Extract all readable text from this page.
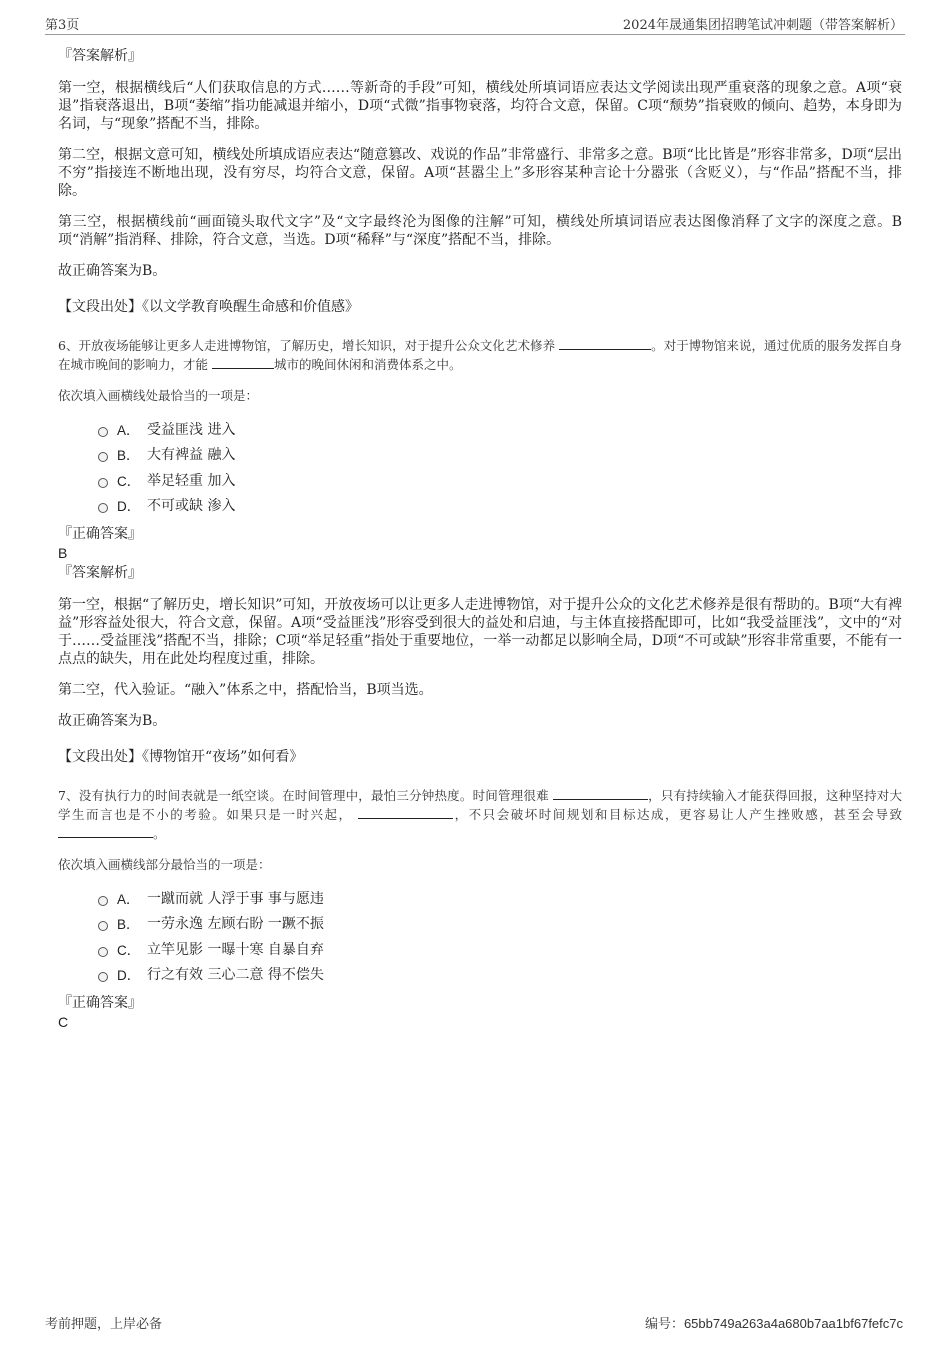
第3页	2024年晟通集团招聘笔试冲刺题（带答案解析）

『答案解析』

第一空，根据横线后“人们获取信息的方式……等新奇的手段”可知，横线处所填词语应表达文学阅读出现严重衰落的现象之意。A项“衰退”指衰落退出，B项“萎缩”指功能减退并缩小，D项“式微”指事物衰落，均符合文意，保留。C项“颓势”指衰败的倾向、趋势，本身即为名词，与“现象”搭配不当，排除。

第二空，根据文意可知，横线处所填成语应表达“随意篡改、戏说的作品”非常盛行、非常多之意。B项“比比皆是”形容非常多，D项“层出不穷”指接连不断地出现，没有穷尽，均符合文意，保留。A项“甚嚣尘上”多形容某种言论十分嚣张（含贬义），与“作品”搭配不当，排除。

第三空，根据横线前“画面镜头取代文字”及“文字最终沦为图像的注解”可知，横线处所填词语应表达图像消释了文字的深度之意。B项“消解”指消释、排除，符合文意，当选。D项“稀释”与“深度”搭配不当，排除。

故正确答案为B。

【文段出处】《以文学教育唤醒生命感和价值感》

6、开放夜场能够让更多人走进博物馆，了解历史，增长知识，对于提升公众文化艺术修养	。对于博物馆来说，通过优质的服务发挥自身在城市晚间的影响力，才能	城市的晚间休闲和消费体系之中。

依次填入画横线处最恰当的一项是：

A． 受益匪浅 进入
B． 大有裨益 融入
C． 举足轻重 加入
D． 不可或缺 渗入

『正确答案』

B

『答案解析』

第一空，根据“了解历史，增长知识”可知，开放夜场可以让更多人走进博物馆，对于提升公众的文化艺术修养是很有帮助的。B项“大有裨益”形容益处很大，符合文意，保留。A项“受益匪浅”形容受到很大的益处和启迪，与主体直接搭配即可，比如“我受益匪浅”，文中的“对于……受益匪浅”搭配不当，排除；C项“举足轻重”指处于重要地位，一举一动都足以影响全局，D项“不可或缺”形容非常重要，不能有一点点的缺失，用在此处均程度过重，排除。

第二空，代入验证。“融入”体系之中，搭配恰当，B项当选。

故正确答案为B。

【文段出处】《博物馆开“夜场”如何看》

7、没有执行力的时间表就是一纸空谈。在时间管理中，最怕三分钟热度。时间管理很难	，只有持续输入才能获得回报，这种坚持对大学生而言也是不小的考验。如果只是一时兴起，	，不只会破坏时间规划和目标达成，更容易让人产生挫败感，甚至会导致 。

依次填入画横线部分最恰当的一项是：

A． 一蹴而就 人浮于事 事与愿违
B． 一劳永逸 左顾右盼 一蹶不振
C． 立竿见影 一曝十寒 自暴自弃
D． 行之有效 三心二意 得不偿失

『正确答案』

C

考前押题，上岸必备	编号：65bb749a263a4a680b7aa1bf67fefc7c
